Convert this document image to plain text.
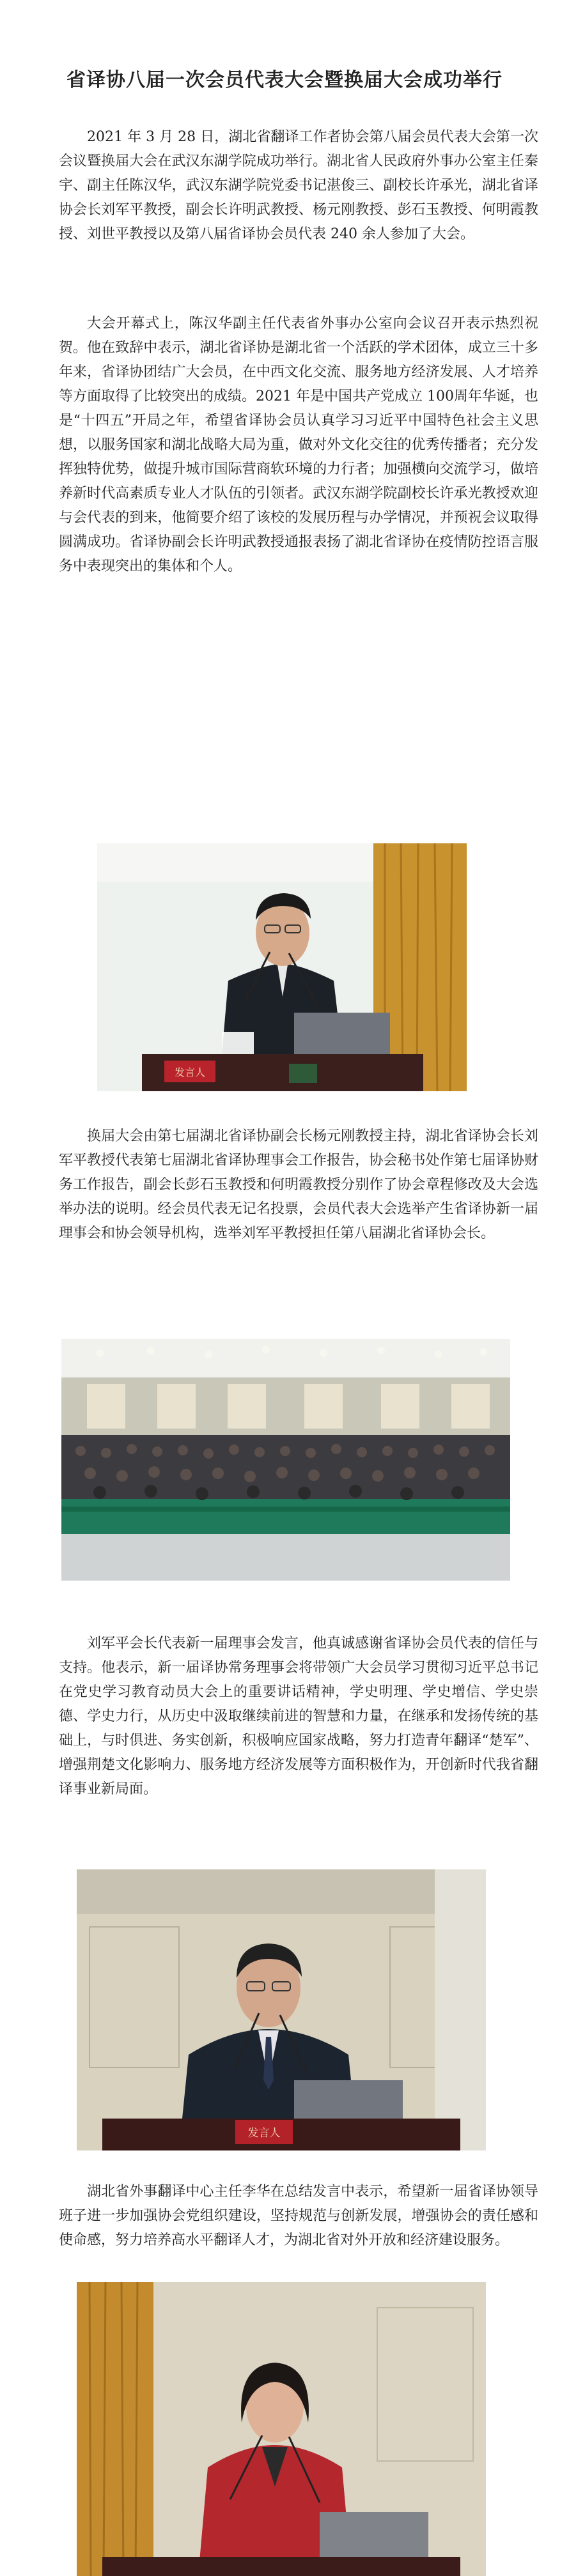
省译协八届一次会员代表大会暨换届大会成功举行

2021 年 3 月 28 日，湖北省翻译工作者协会第八届会员代表大会第一次会议暨换届大会在武汉东湖学院成功举行。湖北省人民政府外事办公室主任秦宇、副主任陈汉华，武汉东湖学院党委书记湛俊三、副校长许承光，湖北省译协会长刘军平教授，副会长许明武教授、杨元刚教授、彭石玉教授、何明霞教授、刘世平教授以及第八届省译协会员代表 240 余人参加了大会。

大会开幕式上，陈汉华副主任代表省外事办公室向会议召开表示热烈祝贺。他在致辞中表示，湖北省译协是湖北省一个活跃的学术团体，成立三十多年来，省译协团结广大会员，在中西文化交流、服务地方经济发展、人才培养等方面取得了比较突出的成绩。2021 年是中国共产党成立 100周年华诞，也是“十四五”开局之年，希望省译协会员认真学习习近平中国特色社会主义思想，以服务国家和湖北战略大局为重，做对外文化交往的优秀传播者；充分发挥独特优势，做提升城市国际营商软环境的力行者；加强横向交流学习，做培养新时代高素质专业人才队伍的引领者。武汉东湖学院副校长许承光教授欢迎与会代表的到来，他简要介绍了该校的发展历程与办学情况，并预祝会议取得圆满成功。省译协副会长许明武教授通报表扬了湖北省译协在疫情防控语言服务中表现突出的集体和个人。

发言人

换届大会由第七届湖北省译协副会长杨元刚教授主持，湖北省译协会长刘军平教授代表第七届湖北省译协理事会工作报告，协会秘书处作第七届译协财务工作报告，副会长彭石玉教授和何明霞教授分别作了协会章程修改及大会选举办法的说明。经会员代表无记名投票，会员代表大会选举产生省译协新一届理事会和协会领导机构，选举刘军平教授担任第八届湖北省译协会长。

刘军平会长代表新一届理事会发言，他真诚感谢省译协会员代表的信任与支持。他表示，新一届译协常务理事会将带领广大会员学习贯彻习近平总书记在党史学习教育动员大会上的重要讲话精神，学史明理、学史增信、学史崇德、学史力行，从历史中汲取继续前进的智慧和力量，在继承和发扬传统的基础上，与时俱进、务实创新，积极响应国家战略，努力打造青年翻译“楚军”、增强荆楚文化影响力、服务地方经济发展等方面积极作为，开创新时代我省翻译事业新局面。

发言人

湖北省外事翻译中心主任李华在总结发言中表示，希望新一届省译协领导班子进一步加强协会党组织建设，坚持规范与创新发展，增强协会的责任感和使命感，努力培养高水平翻译人才，为湖北省对外开放和经济建设服务。
